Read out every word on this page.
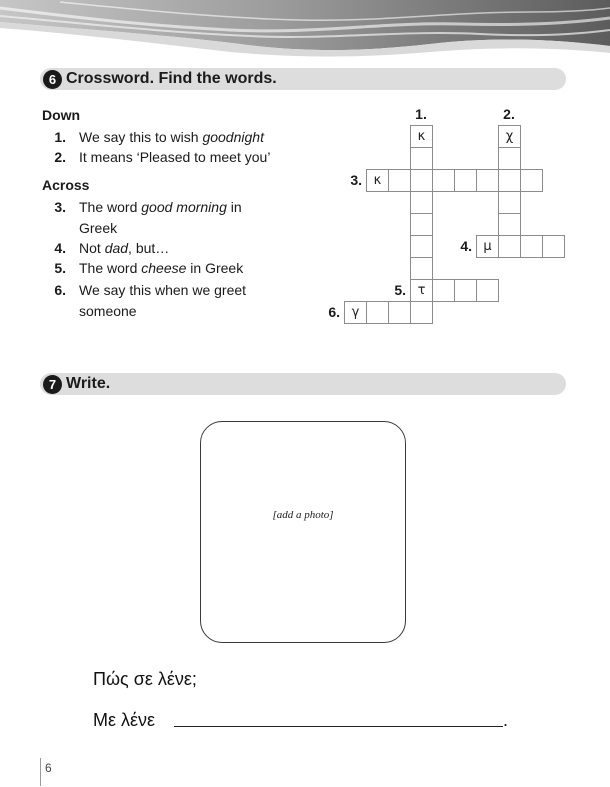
6 Crossword. Find the words.
Down
1. We say this to wish goodnight
2. It means ‘Pleased to meet you’
Across
3. The word good morning in
Greek
4. Not dad, but…
5. The word cheese in Greek
6. We say this when we greet
someone
κ
τ
1.
χ
2.
κ
3.
μ
4.
5.
γ
6.
7 Write.
[add a photo]
Πώς σε λένε;
Με λένε	.
6
